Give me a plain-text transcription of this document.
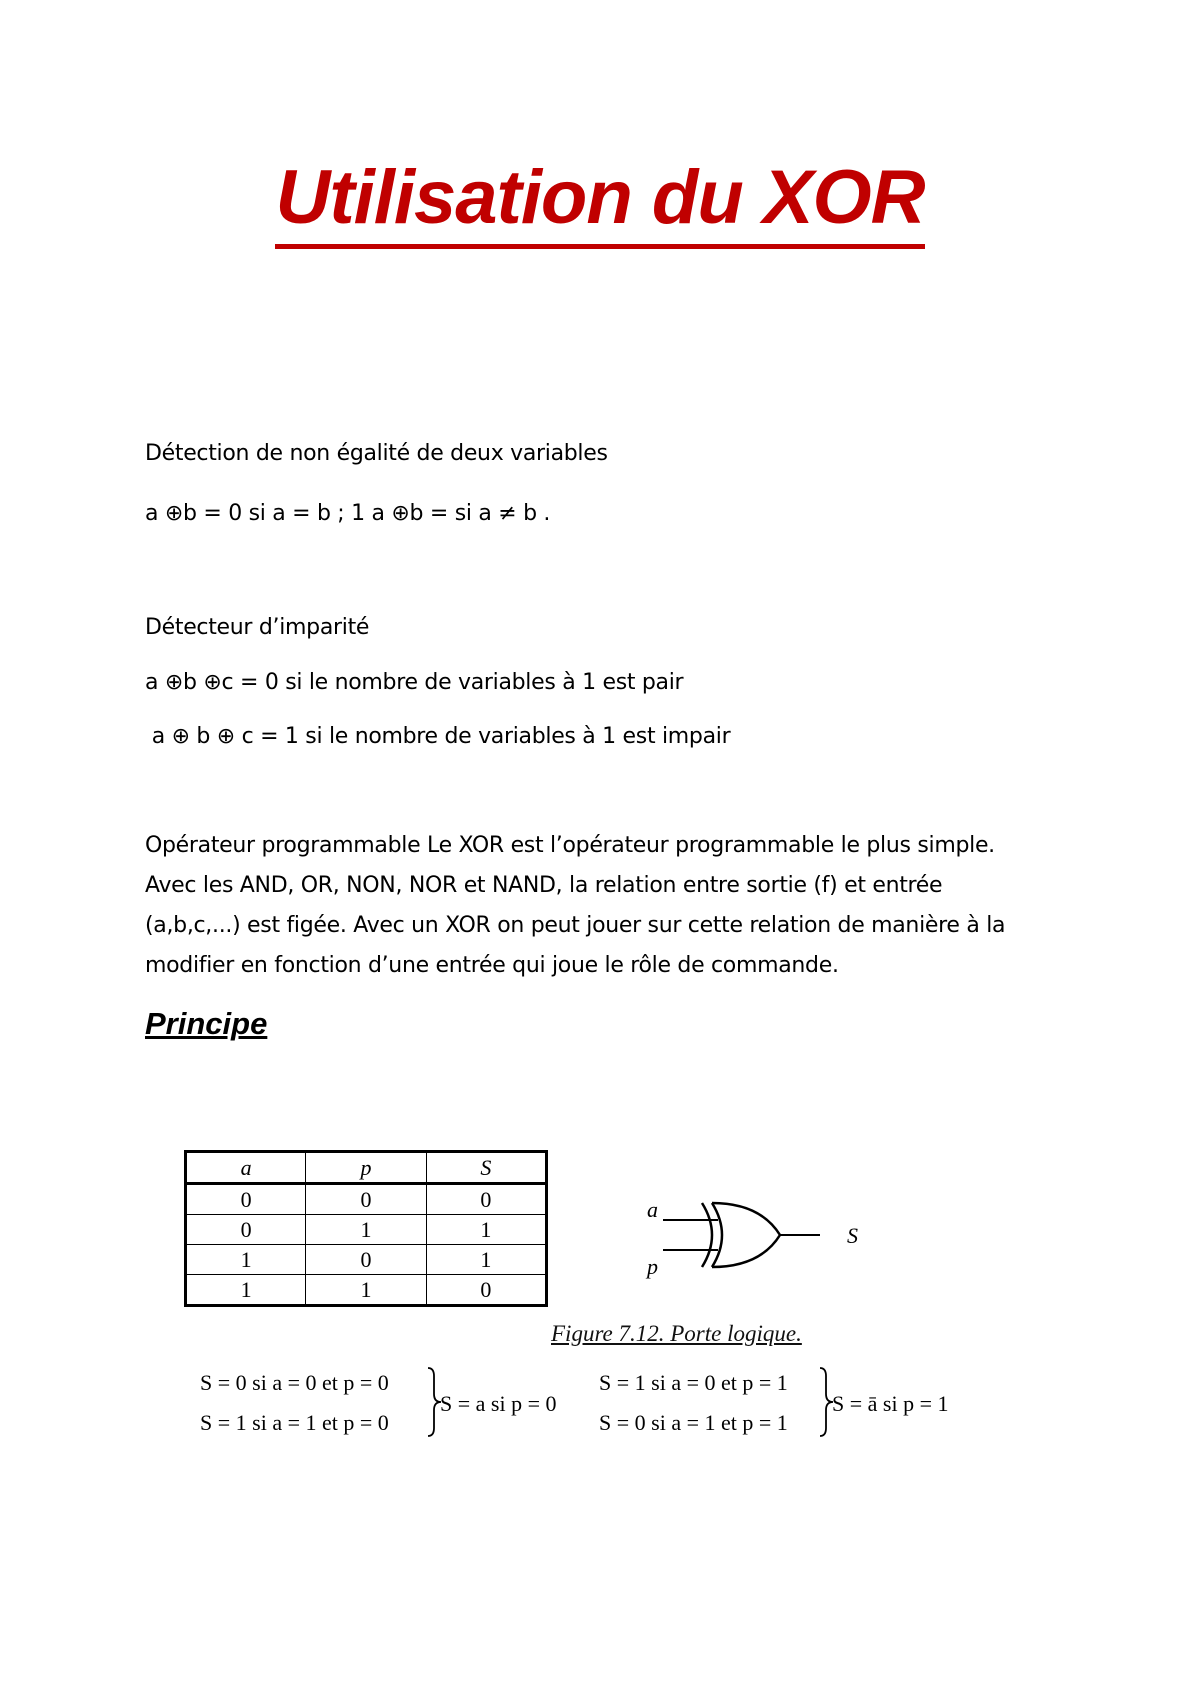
Utilisation du XOR
Détection de non égalité de deux variables
a ⊕b = 0 si a = b ; 1 a ⊕b = si a ≠ b .
Détecteur d’imparité
a ⊕b ⊕c = 0 si le nombre de variables à 1 est pair
a ⊕ b ⊕ c = 1 si le nombre de variables à 1 est impair
Opérateur programmable Le XOR est l’opérateur programmable le plus simple.
Avec les AND, OR, NON, NOR et NAND, la relation entre sortie (f) et entrée
(a,b,c,...) est figée. Avec un XOR on peut jouer sur cette relation de manière à la
modifier en fonction d’une entrée qui joue le rôle de commande.
Principe
a	p	S
0	0	0
0	1	1
1	0	1
1	1	0
a
p
S
Figure 7.12. Porte logique.
S = 0 si a = 0 et p = 0
S = 1 si a = 1 et p = 0
S = a si p = 0
S = 1 si a = 0 et p = 1
S = 0 si a = 1 et p = 1
S = ā si p = 1
